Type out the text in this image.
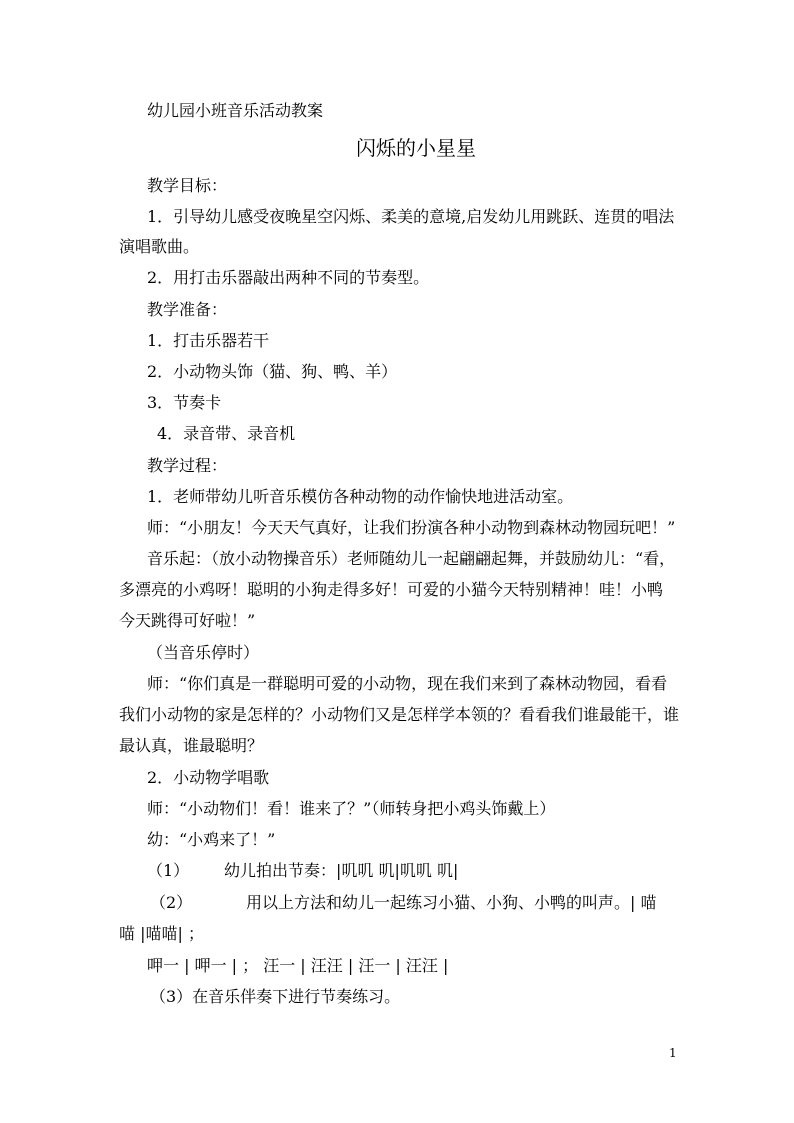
幼儿园小班音乐活动教案
闪烁的小星星
教学目标：
1．引导幼儿感受夜晚星空闪烁、柔美的意境,启发幼儿用跳跃、连贯的唱法
演唱歌曲。
2．用打击乐器敲出两种不同的节奏型。
教学准备：
1．打击乐器若干
2．小动物头饰（猫、狗、鸭、羊）
3．节奏卡
4．录音带、录音机
教学过程：
1．老师带幼儿听音乐模仿各种动物的动作愉快地进活动室。
师：“小朋友！今天天气真好，让我们扮演各种小动物到森林动物园玩吧！”
音乐起：（放小动物操音乐）老师随幼儿一起翩翩起舞，并鼓励幼儿：“看，
多漂亮的小鸡呀！聪明的小狗走得多好！可爱的小猫今天特别精神！哇！小鸭
今天跳得可好啦！”
（当音乐停时）
师：“你们真是一群聪明可爱的小动物，现在我们来到了森林动物园，看看
我们小动物的家是怎样的？小动物们又是怎样学本领的？看看我们谁最能干，谁
最认真，谁最聪明？
2．小动物学唱歌
师：“小动物们！看！谁来了？”（师转身把小鸡头饰戴上）
幼：“小鸡来了！”
（1） 幼儿拍出节奏：|叽叽 叽|叽叽 叽|
（2）	用以上方法和幼儿一起练习小猫、小狗、小鸭的叫声。| 喵
喵 |喵喵| ；
呷一 | 呷一 | ； 汪一 | 汪汪 | 汪一 | 汪汪 |
（3）在音乐伴奏下进行节奏练习。
1
